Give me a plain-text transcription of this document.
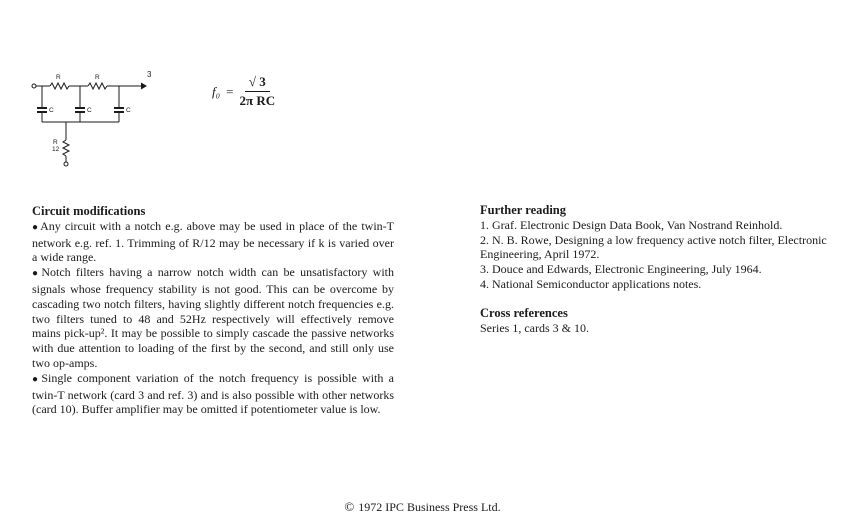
R	R
C	C	C
R
12
3
$f_0 = \frac{√ 3}{\text{2π RC}}$
Circuit modifications

● Any circuit with a notch e.g. above may be used in place of the twin-T network e.g. ref. 1. Trimming of R/12 may be necessary if k is varied over a wide range.

● Notch filters having a narrow notch width can be unsatisfactory with signals whose frequency stability is not good. This can be overcome by cascading two notch filters, having slightly different notch frequencies e.g. two filters tuned to 48 and 52Hz respectively will effectively remove mains pick-up². It may be possible to simply cascade the passive networks with due attention to loading of the first by the second, and still only use two op-amps.

● Single component variation of the notch frequency is possible with a twin-T network (card 3 and ref. 3) and is also possible with other networks (card 10). Buffer amplifier may be omitted if potentiometer value is low.

Further reading
1. Graf. Electronic Design Data Book, Van Nostrand Reinhold.
2. N. B. Rowe, Designing a low frequency active notch filter, Electronic Engineering, April 1972.
3. Douce and Edwards, Electronic Engineering, July 1964.
4. National Semiconductor applications notes.
Cross references

Series 1, cards 3 & 10.

© 1972 IPC Business Press Ltd.
